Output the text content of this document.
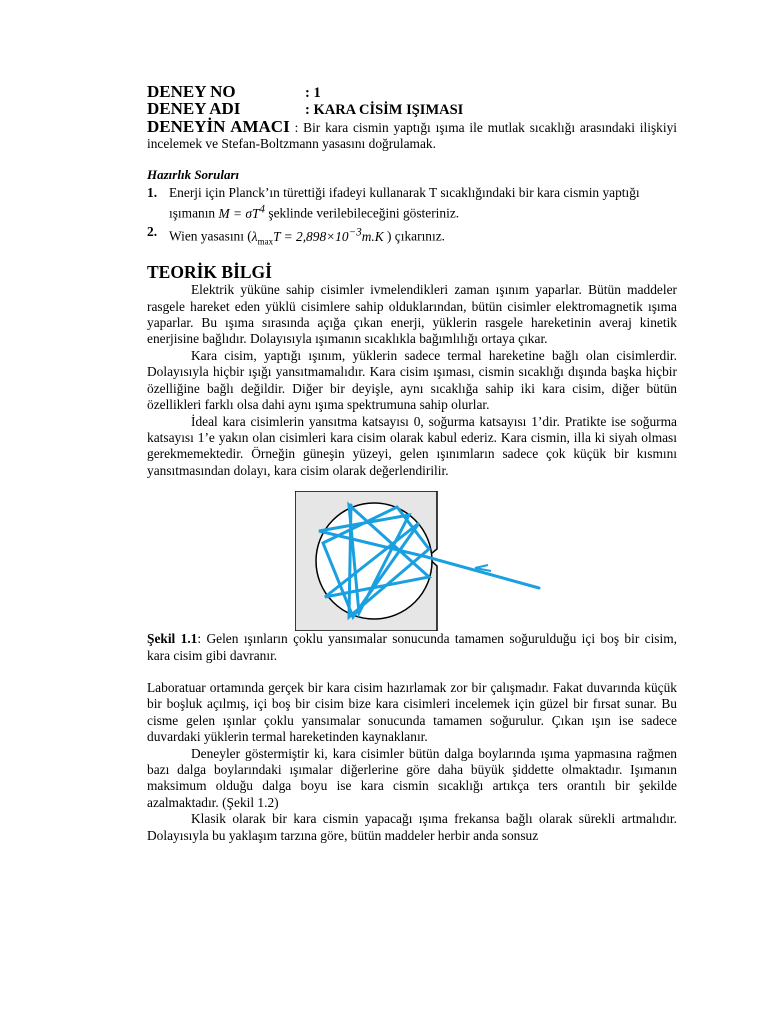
DENEY NO	: 1
DENEY ADI	: KARA CİSİM IŞIMASI

DENEYİN AMACI : Bir kara cismin yaptığı ışıma ile mutlak sıcaklığı arasındaki ilişkiyi incelemek ve Stefan-Boltzmann yasasını doğrulamak.

Hazırlık Soruları
1. Enerji için Planck’ın türettiği ifadeyi kullanarak T sıcaklığındaki bir kara cismin yaptığı ışımanın $M = \sigma T^4$ şeklinde verilebileceğini gösteriniz.
2. Wien yasasını ($\lambda_{max}T = 2,898\times 10^{-3}m.K$ ) çıkarınız.
TEORİK BİLGİ

Elektrik yüküne sahip cisimler ivmelendikleri zaman ışınım yaparlar. Bütün maddeler rasgele hareket eden yüklü cisimlere sahip olduklarından, bütün cisimler elektromagnetik ışıma yaparlar. Bu ışıma sırasında açığa çıkan enerji, yüklerin rasgele hareketinin averaj kinetik enerjisine bağlıdır. Dolayısıyla ışımanın sıcaklıkla bağımlılığı ortaya çıkar.

Kara cisim, yaptığı ışınım, yüklerin sadece termal hareketine bağlı olan cisimlerdir. Dolayısıyla hiçbir ışığı yansıtmamalıdır. Kara cisim ışıması, cismin sıcaklığı dışında başka hiçbir özelliğine bağlı değildir. Diğer bir deyişle, aynı sıcaklığa sahip iki kara cisim, diğer bütün özellikleri farklı olsa dahi aynı ışıma spektrumuna sahip olurlar.

İdeal kara cisimlerin yansıtma katsayısı 0, soğurma katsayısı 1’dir. Pratikte ise soğurma katsayısı 1’e yakın olan cisimleri kara cisim olarak kabul ederiz. Kara cismin, illa ki siyah olması gerekmemektedir. Örneğin güneşin yüzeyi, gelen ışınımların sadece çok küçük bir kısmını yansıtmasından dolayı, kara cisim olarak değerlendirilir.

Şekil 1.1: Gelen ışınların çoklu yansımalar sonucunda tamamen soğurulduğu içi boş bir cisim, kara cisim gibi davranır.

Laboratuar ortamında gerçek bir kara cisim hazırlamak zor bir çalışmadır. Fakat duvarında küçük bir boşluk açılmış, içi boş bir cisim bize kara cisimleri incelemek için güzel bir fırsat sunar. Bu cisme gelen ışınlar çoklu yansımalar sonucunda tamamen soğurulur. Çıkan ışın ise sadece duvardaki yüklerin termal hareketinden kaynaklanır.

Deneyler göstermiştir ki, kara cisimler bütün dalga boylarında ışıma yapmasına rağmen bazı dalga boylarındaki ışımalar diğerlerine göre daha büyük şiddette olmaktadır. Işımanın maksimum olduğu dalga boyu ise kara cismin sıcaklığı artıkça ters orantılı bir şekilde azalmaktadır. (Şekil 1.2)

Klasik olarak bir kara cismin yapacağı ışıma frekansa bağlı olarak sürekli artmalıdır. Dolayısıyla bu yaklaşım tarzına göre, bütün maddeler herbir anda sonsuz
